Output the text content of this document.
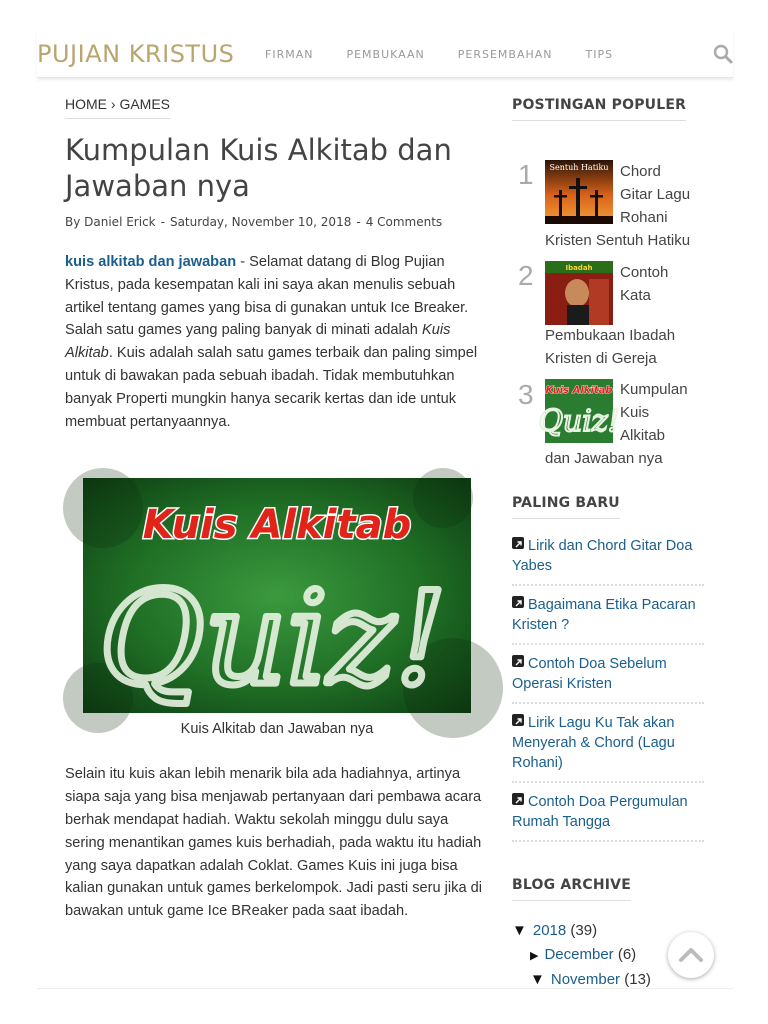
PUJIAN KRISTUS	FIRMAN	PEMBUKAAN	PERSEMBAHAN	TIPS
HOME › GAMES
Kumpulan Kuis Alkitab dan Jawaban nya
By Daniel Erick - Saturday, November 10, 2018 - 4 Comments
kuis alkitab dan jawaban - Selamat datang di Blog Pujian Kristus, pada kesempatan kali ini saya akan menulis sebuah artikel tentang games yang bisa di gunakan untuk Ice Breaker. Salah satu games yang paling banyak di minati adalah Kuis Alkitab. Kuis adalah salah satu games terbaik dan paling simpel untuk di bawakan pada sebuah ibadah. Tidak membutuhkan banyak Properti mungkin hanya secarik kertas dan ide untuk membuat pertanyaannya.
Kuis Alkitab
Quiz!
Kuis Alkitab dan Jawaban nya
Selain itu kuis akan lebih menarik bila ada hadiahnya, artinya siapa saja yang bisa menjawab pertanyaan dari pembawa acara berhak mendapat hadiah. Waktu sekolah minggu dulu saya sering menantikan games kuis berhadiah, pada waktu itu hadiah yang saya dapatkan adalah Coklat. Games Kuis ini juga bisa kalian gunakan untuk games berkelompok. Jadi pasti seru jika di bawakan untuk game Ice BReaker pada saat ibadah.
POSTINGAN POPULER
1 Sentuh Hatiku Chord
Gitar Lagu
Rohani
Kristen Sentuh Hatiku
2	Ibadah Contoh
Kata
Pembukaan Ibadah
Kristen di Gereja
3 Kuis Alkitab
Quiz!
Kumpulan
Kuis
Alkitab
dan Jawaban nya
PALING BARU
Lirik dan Chord Gitar Doa Yabes
Bagaimana Etika Pacaran Kristen ?
Contoh Doa Sebelum Operasi Kristen
Lirik Lagu Ku Tak akan Menyerah & Chord (Lagu Rohani)
Contoh Doa Pergumulan Rumah Tangga
BLOG ARCHIVE
▼ 2018 (39)
▶ December (6)
▼ November (13)
